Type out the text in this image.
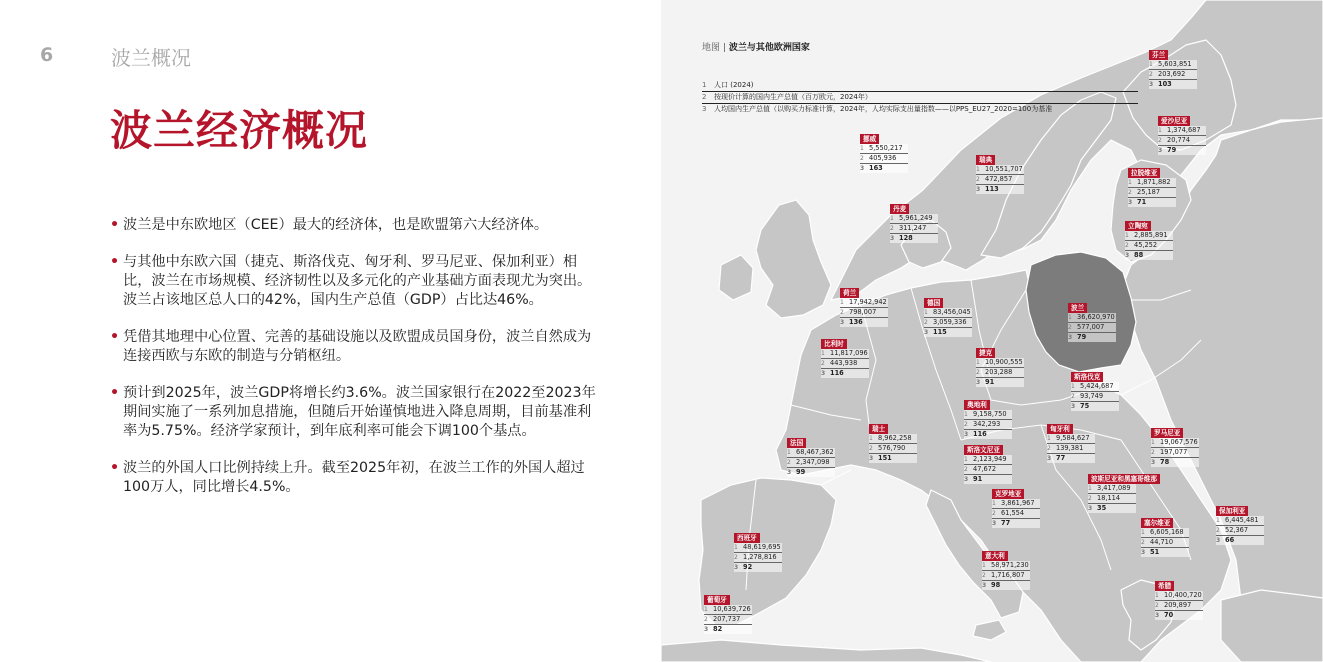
6	波兰概况
波兰经济概况
• 波兰是中东欧地区（CEE）最大的经济体，也是欧盟第六大经济体。
• 与其他中东欧六国（捷克、斯洛伐克、匈牙利、罗马尼亚、保加利亚）相比，波兰在市场规模、经济韧性以及多元化的产业基础方面表现尤为突出。波兰占该地区总人口的42%，国内生产总值（GDP）占比达46%。
• 凭借其地理中心位置、完善的基础设施以及欧盟成员国身份，波兰自然成为连接西欧与东欧的制造与分销枢纽。
• 预计到2025年，波兰GDP将增长约3.6%。波兰国家银行在2022至2023年期间实施了一系列加息措施，但随后开始谨慎地进入降息周期，目前基准利率为5.75%。经济学家预计，到年底利率可能会下调100个基点。
• 波兰的外国人口比例持续上升。截至2025年初，在波兰工作的外国人超过100万人，同比增长4.5%。
地图 | 波兰与其他欧洲国家
1 人口 (2024)
2 按现价计算的国内生产总值（百万欧元，2024年）
3 人均国内生产总值（以购买力标准计算，2024年，人均实际支出量指数——以PPS_EU27_2020=100为基准
芬兰
1 5,603,851
2 203,692
3 103
爱沙尼亚
1 1,374,687
2 20,774
3 79
挪威
1 5,550,217
2 405,936
3 163
瑞典
1 10,551,707
2 472,857
3 113
拉脱维亚
1 1,871,882
2 25,187
3 71
丹麦
1 5,961,249
2 311,247
3 128
立陶宛
1 2,885,891
2 45,252
3 88
荷兰
1 17,942,942
2 798,007
3 136
德国
1 83,456,045
2 3,059,336
3 115
波兰
1 36,620,970
2 577,007
3 79
比利时
1 11,817,096
2 443,938
3 116
捷克
1 10,900,555
2 203,288
3 91
斯洛伐克
1 5,424,687
2 93,749
3 75
奥地利
1 9,158,750
2 342,293
3 116
瑞士
1 8,962,258
2 576,790
3 151
匈牙利
1 9,584,627
2 139,381
3 77
罗马尼亚
1 19,067,576
2 197,077
3 78
法国
1 68,467,362
2 2,347,098
3 99
斯洛文尼亚
1 2,123,949
2 47,672
3 91	波斯尼亚和黑塞哥维那
1 3,417,089
2 18,114
3 35
克罗地亚
1 3,861,967
2 61,554
3 77
保加利亚
1 6,445,481
2 52,367
3 66
塞尔维亚
1 6,605,168
2 44,710
3 51
西班牙
1 48,619,695
2 1,278,816
3 92
意大利
1 58,971,230
2 1,716,807
3 98	希腊
1 10,400,720
2 209,897
3 70
葡萄牙
1 10,639,726
2 207,737
3 82
